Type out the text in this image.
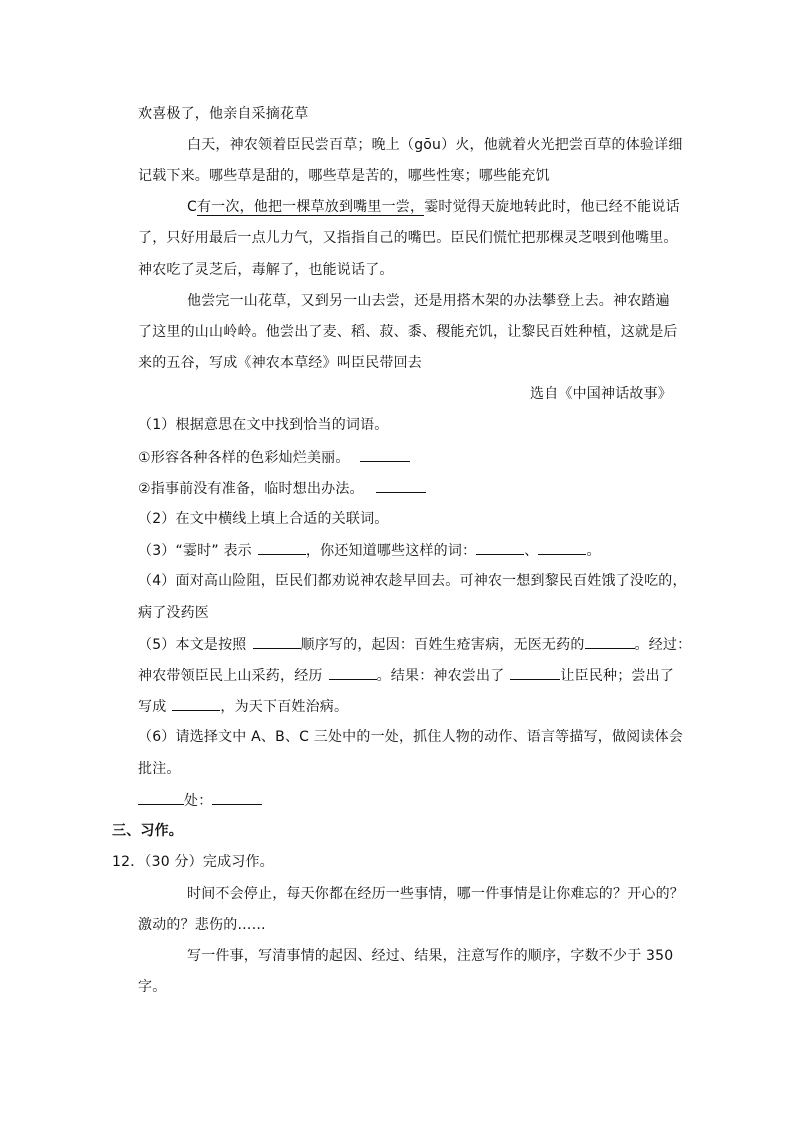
欢喜极了，他亲自采摘花草
白天，神农领着臣民尝百草；晚上（gōu）火，他就着火光把尝百草的体验详细
记载下来。哪些草是甜的，哪些草是苦的，哪些性寒；哪些能充饥
C有一次，他把一棵草放到嘴里一尝，霎时觉得天旋地转此时，他已经不能说话
了，只好用最后一点儿力气，又指指自己的嘴巴。臣民们慌忙把那棵灵芝喂到他嘴里。
神农吃了灵芝后，毒解了，也能说话了。
他尝完一山花草，又到另一山去尝，还是用搭木架的办法攀登上去。神农踏遍
了这里的山山岭岭。他尝出了麦、稻、菽、黍、稷能充饥，让黎民百姓种植，这就是后
来的五谷，写成《神农本草经》叫臣民带回去
选自《中国神话故事》
（1）根据意思在文中找到恰当的词语。
①形容各种各样的色彩灿烂美丽。
②指事前没有准备，临时想出办法。
（2）在文中横线上填上合适的关联词。
（3）“霎时” 表示	，你还知道哪些这样的词：	、	。
（4）面对高山险阻，臣民们都劝说神农趁早回去。可神农一想到黎民百姓饿了没吃的，
病了没药医
（5）本文是按照	顺序写的，起因：百姓生疮害病，无医无药的	。经过：
神农带领臣民上山采药，经历	。结果：神农尝出了	让臣民种；尝出了
写成	，为天下百姓治病。
（6）请选择文中 A、B、C 三处中的一处，抓住人物的动作、语言等描写，做阅读体会
批注。
处：
三、习作。
12．（30 分）完成习作。
时间不会停止，每天你都在经历一些事情，哪一件事情是让你难忘的？开心的？
激动的？悲伤的……
写一件事，写清事情的起因、经过、结果，注意写作的顺序，字数不少于 350
字。
